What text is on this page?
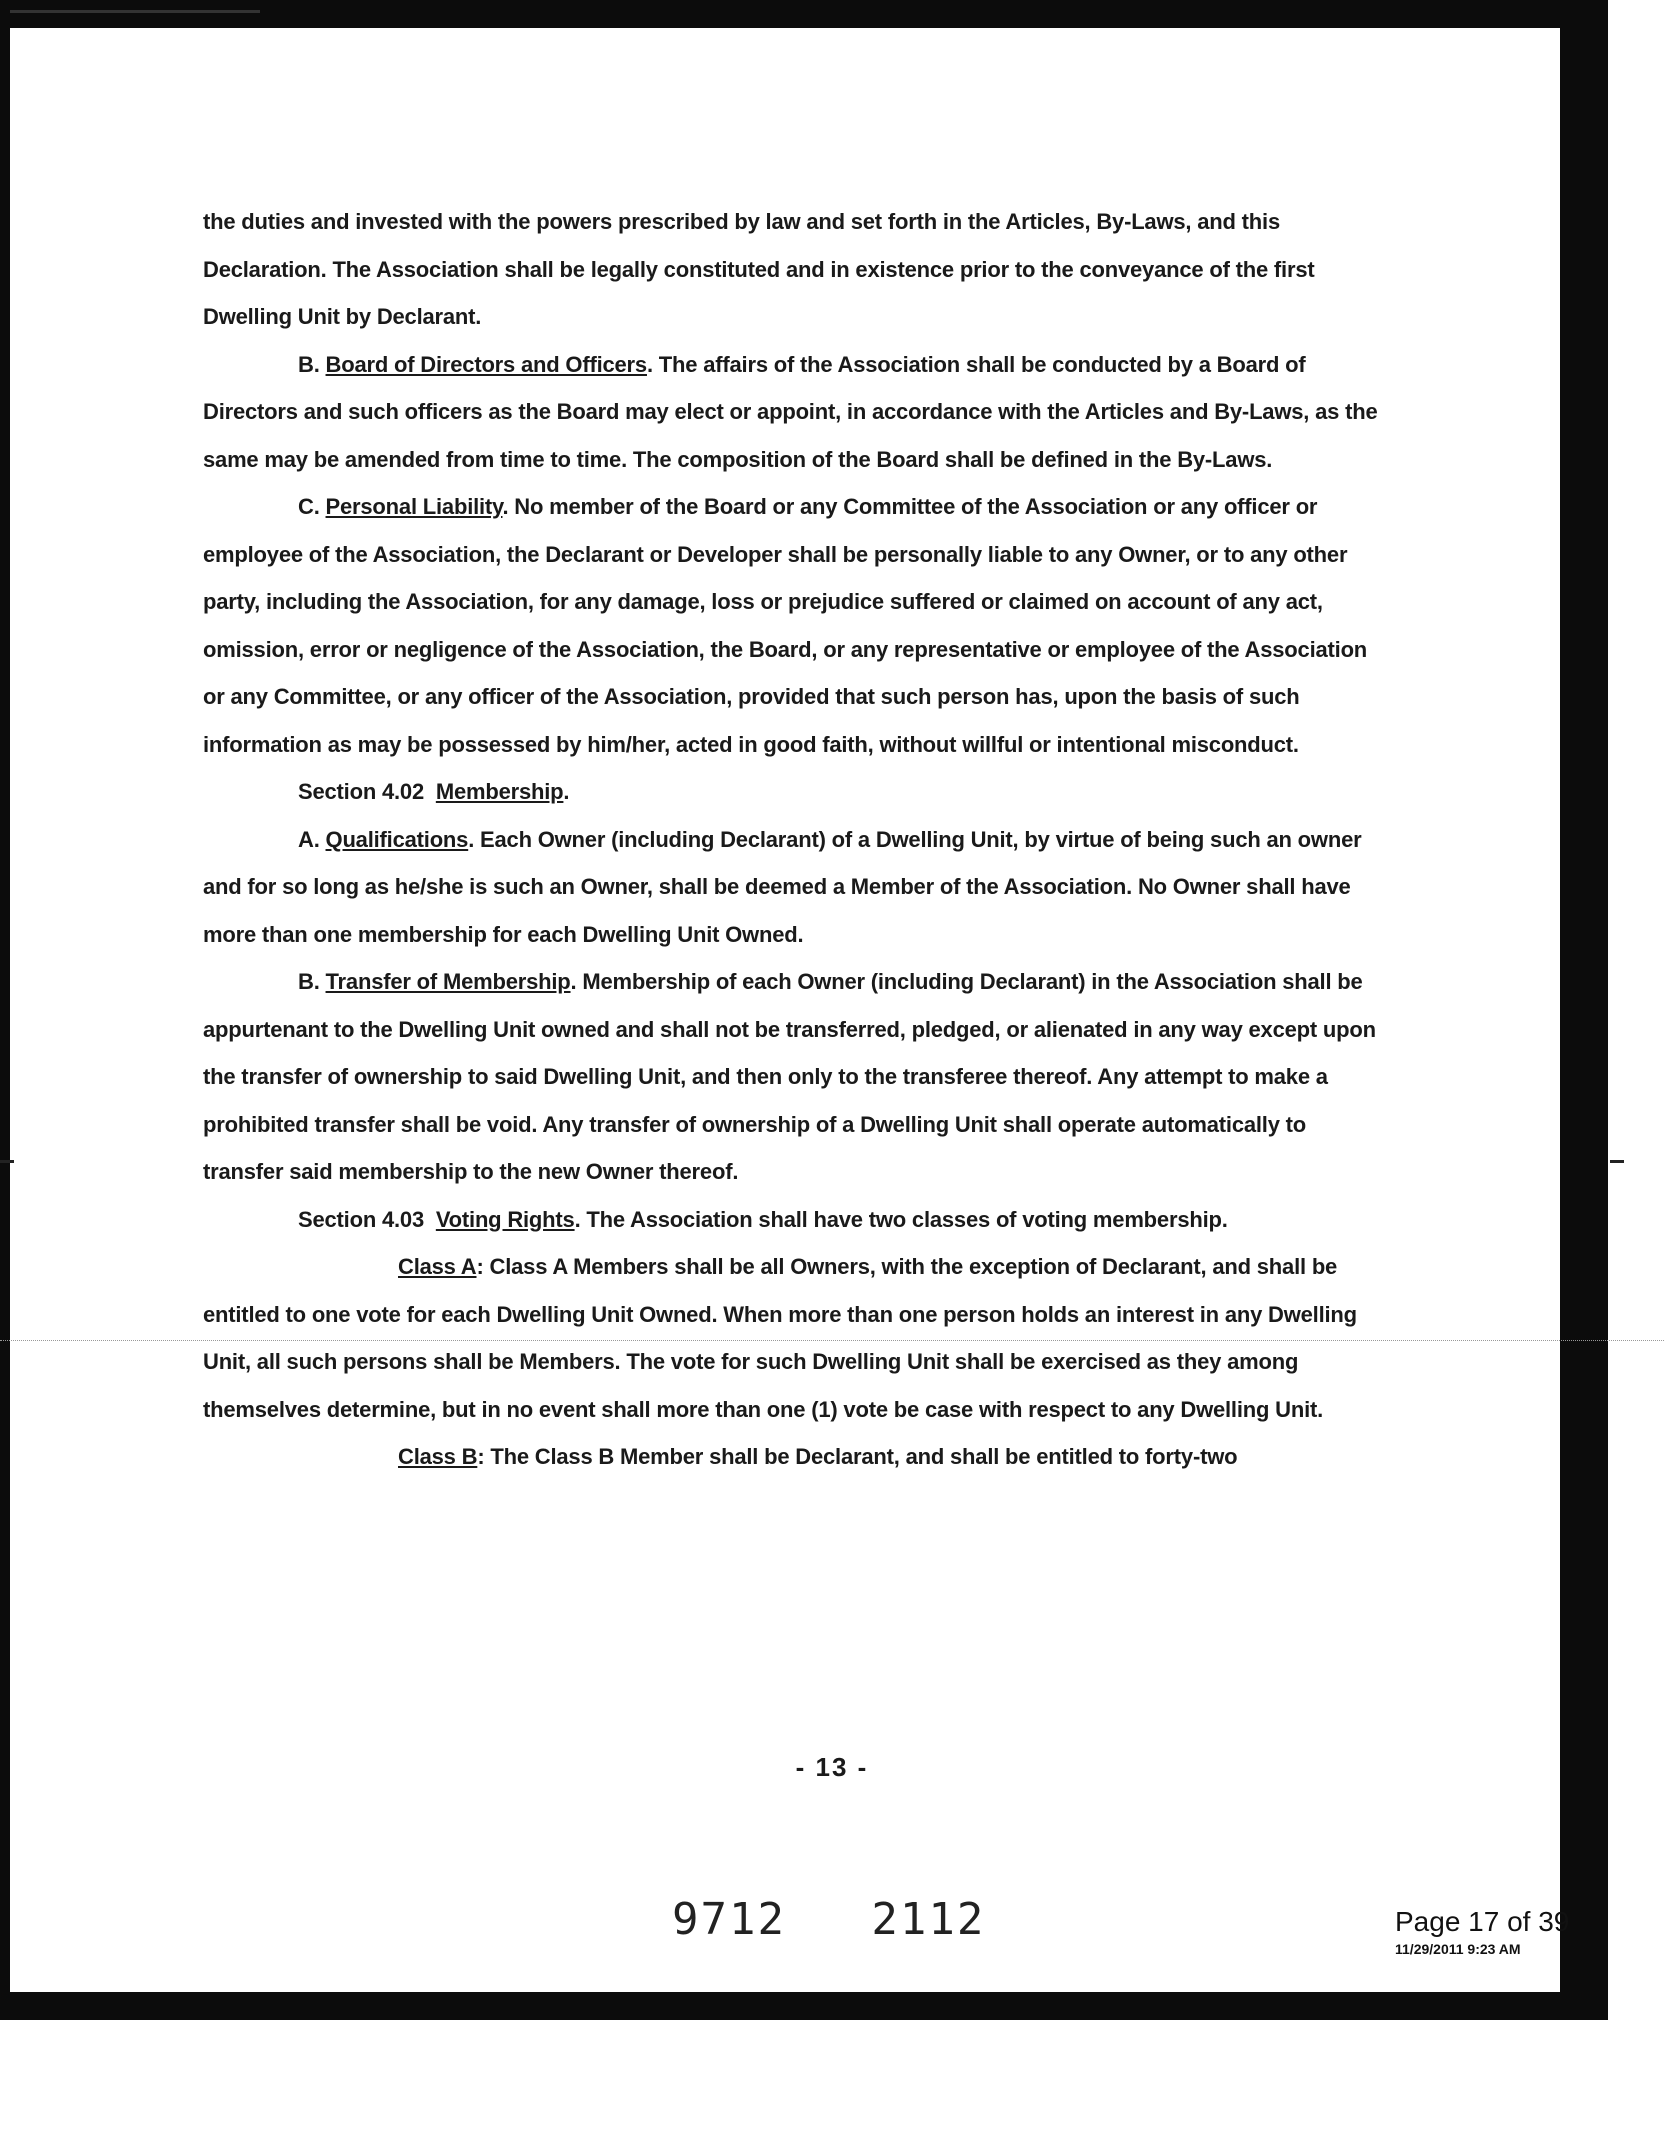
the duties and invested with the powers prescribed by law and set forth in the Articles, By-Laws, and this Declaration. The Association shall be legally constituted and in existence prior to the conveyance of the first Dwelling Unit by Declarant.

B. Board of Directors and Officers. The affairs of the Association shall be conducted by a Board of Directors and such officers as the Board may elect or appoint, in accordance with the Articles and By-Laws, as the same may be amended from time to time. The composition of the Board shall be defined in the By-Laws.

C. Personal Liability. No member of the Board or any Committee of the Association or any officer or employee of the Association, the Declarant or Developer shall be personally liable to any Owner, or to any other party, including the Association, for any damage, loss or prejudice suffered or claimed on account of any act, omission, error or negligence of the Association, the Board, or any representative or employee of the Association or any Committee, or any officer of the Association, provided that such person has, upon the basis of such information as may be possessed by him/her, acted in good faith, without willful or intentional misconduct.

Section 4.02 Membership.

A. Qualifications. Each Owner (including Declarant) of a Dwelling Unit, by virtue of being such an owner and for so long as he/she is such an Owner, shall be deemed a Member of the Association. No Owner shall have more than one membership for each Dwelling Unit Owned.

B. Transfer of Membership. Membership of each Owner (including Declarant) in the Association shall be appurtenant to the Dwelling Unit owned and shall not be transferred, pledged, or alienated in any way except upon the transfer of ownership to said Dwelling Unit, and then only to the transferee thereof. Any attempt to make a prohibited transfer shall be void. Any transfer of ownership of a Dwelling Unit shall operate automatically to transfer said membership to the new Owner thereof.

Section 4.03 Voting Rights. The Association shall have two classes of voting membership.

Class A: Class A Members shall be all Owners, with the exception of Declarant, and shall be entitled to one vote for each Dwelling Unit Owned. When more than one person holds an interest in any Dwelling Unit, all such persons shall be Members. The vote for such Dwelling Unit shall be exercised as they among themselves determine, but in no event shall more than one (1) vote be case with respect to any Dwelling Unit.

Class B: The Class B Member shall be Declarant, and shall be entitled to forty-two

- 13 -
9712   2112	Page 17 of 39
11/29/2011 9:23 AM
